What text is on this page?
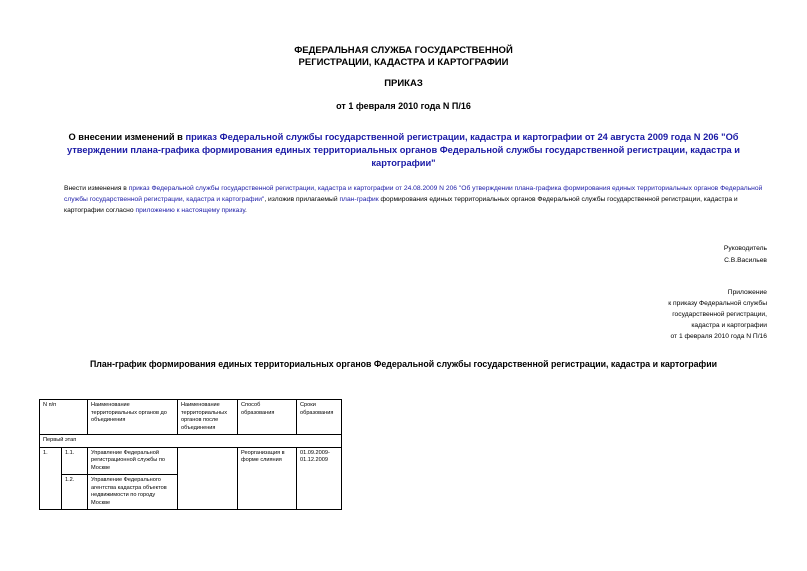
ФЕДЕРАЛЬНАЯ СЛУЖБА ГОСУДАРСТВЕННОЙ
РЕГИСТРАЦИИ, КАДАСТРА И КАРТОГРАФИИ
ПРИКАЗ
от 1 февраля 2010 года N П/16
О внесении изменений в приказ Федеральной службы государственной регистрации, кадастра и картографии от 24 августа 2009 года N 206 "Об утверждении плана-графика формирования единых территориальных органов Федеральной службы государственной регистрации, кадастра и картографии"
Внести изменения в приказ Федеральной службы государственной регистрации, кадастра и картографии от 24.08.2009 N 206 "Об утверждении плана-графика формирования единых территориальных органов Федеральной службы государственной регистрации, кадастра и картографии", изложив прилагаемый план-график формирования единых территориальных органов Федеральной службы государственной регистрации, кадастра и картографии согласно приложению к настоящему приказу.
Руководитель
С.В.Васильев
Приложение
к приказу Федеральной службы
государственной регистрации,
кадастра и картографии
от 1 февраля 2010 года N П/16
План-график формирования единых территориальных органов Федеральной службы государственной регистрации, кадастра и картографии
N п/п		Наименование территориальных органов до объединения	Наименование территориальных органов после объединения	Способ образования	Сроки образования
Первый этап					
1.	1.1.	Управление Федеральной регистрационной службы по Москве		Реорганизация в форме слияния	01.09.2009-01.12.2009
	1.2.	Управление Федерального агентства кадастра объектов недвижимости по городу Москве			
